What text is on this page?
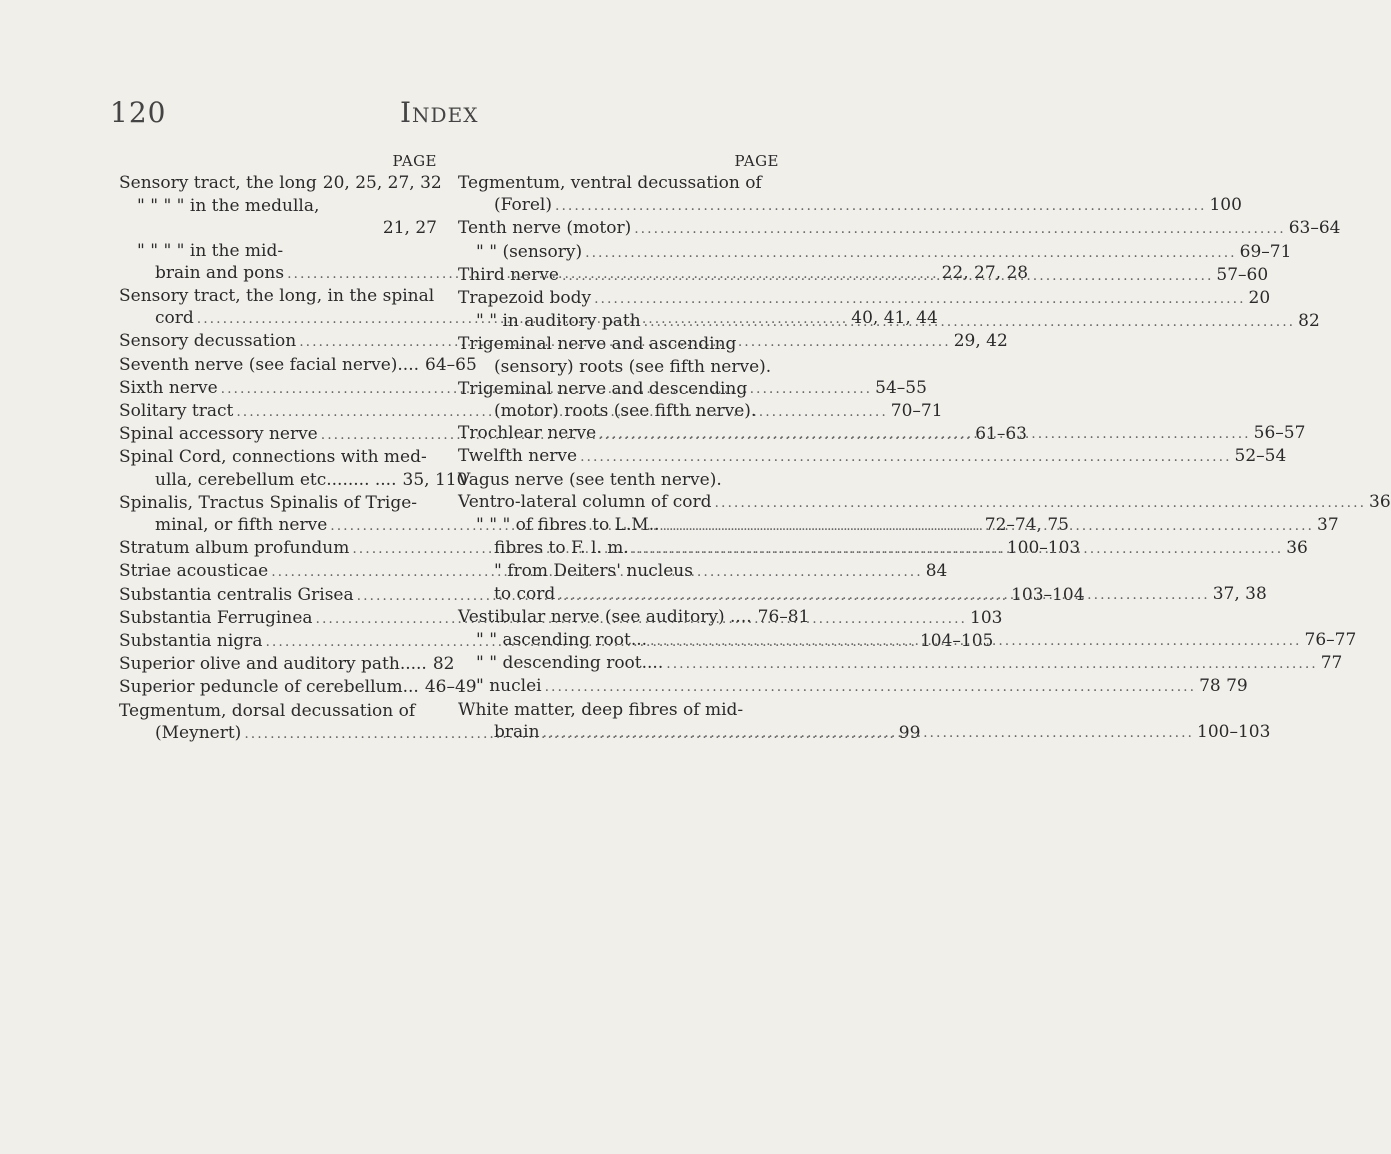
120	Index
PAGE
Sensory tract, the long 20, 25, 27, 32
" " " " in the medulla,
21, 27
" " " " in the mid-
brain and pons .....	22, 27, 28
Sensory tract, the long, in the spinal
cord .....	40, 41, 44
Sensory decussation .....	29, 42
Seventh nerve (see facial nerve).... 64–65
Sixth nerve .....	54–55
Solitary tract .....	70–71
Spinal accessory nerve .....	61–63
Spinal Cord, connections with med-
ulla, cerebellum etc........ .... 35, 110
Spinalis, Tractus Spinalis of Trige-
minal, or fifth nerve .....	72–74, 75
Stratum album profundum .....	100–103
Striae acousticae .....	84
Substantia centralis Grisea .....	103–104
Substantia Ferruginea .....	103
Substantia nigra .....	104–105
Superior olive and auditory path..... 82
Superior peduncle of cerebellum... 46–49
Tegmentum, dorsal decussation of
(Meynert) .....	99
PAGE
Tegmentum, ventral decussation of
(Forel) .....	100
Tenth nerve (motor) .....	63–64
" " (sensory) .....	69–71
Third nerve .....	57–60
Trapezoid body .....	20
" " in auditory path .....	82
Trigeminal nerve and ascending
(sensory) roots (see fifth nerve).
Trigeminal nerve and descending
(motor) roots (see fifth nerve).
Trochlear nerve .....	56–57
Twelfth nerve .....	52–54
Vagus nerve (see tenth nerve).
Ventro-lateral column of cord .....	36
" " " of fibres to L.M.. .....	37
fibres to F. l. m. .....	36
" from Deiters' nucleus
to cord .....	37, 38
Vestibular nerve (see auditory) .... 76–81
" " ascending root... .....	76–77
" " descending root.... .....	77
" nuclei .....	78 79
White matter, deep fibres of mid-
brain .....	100–103
